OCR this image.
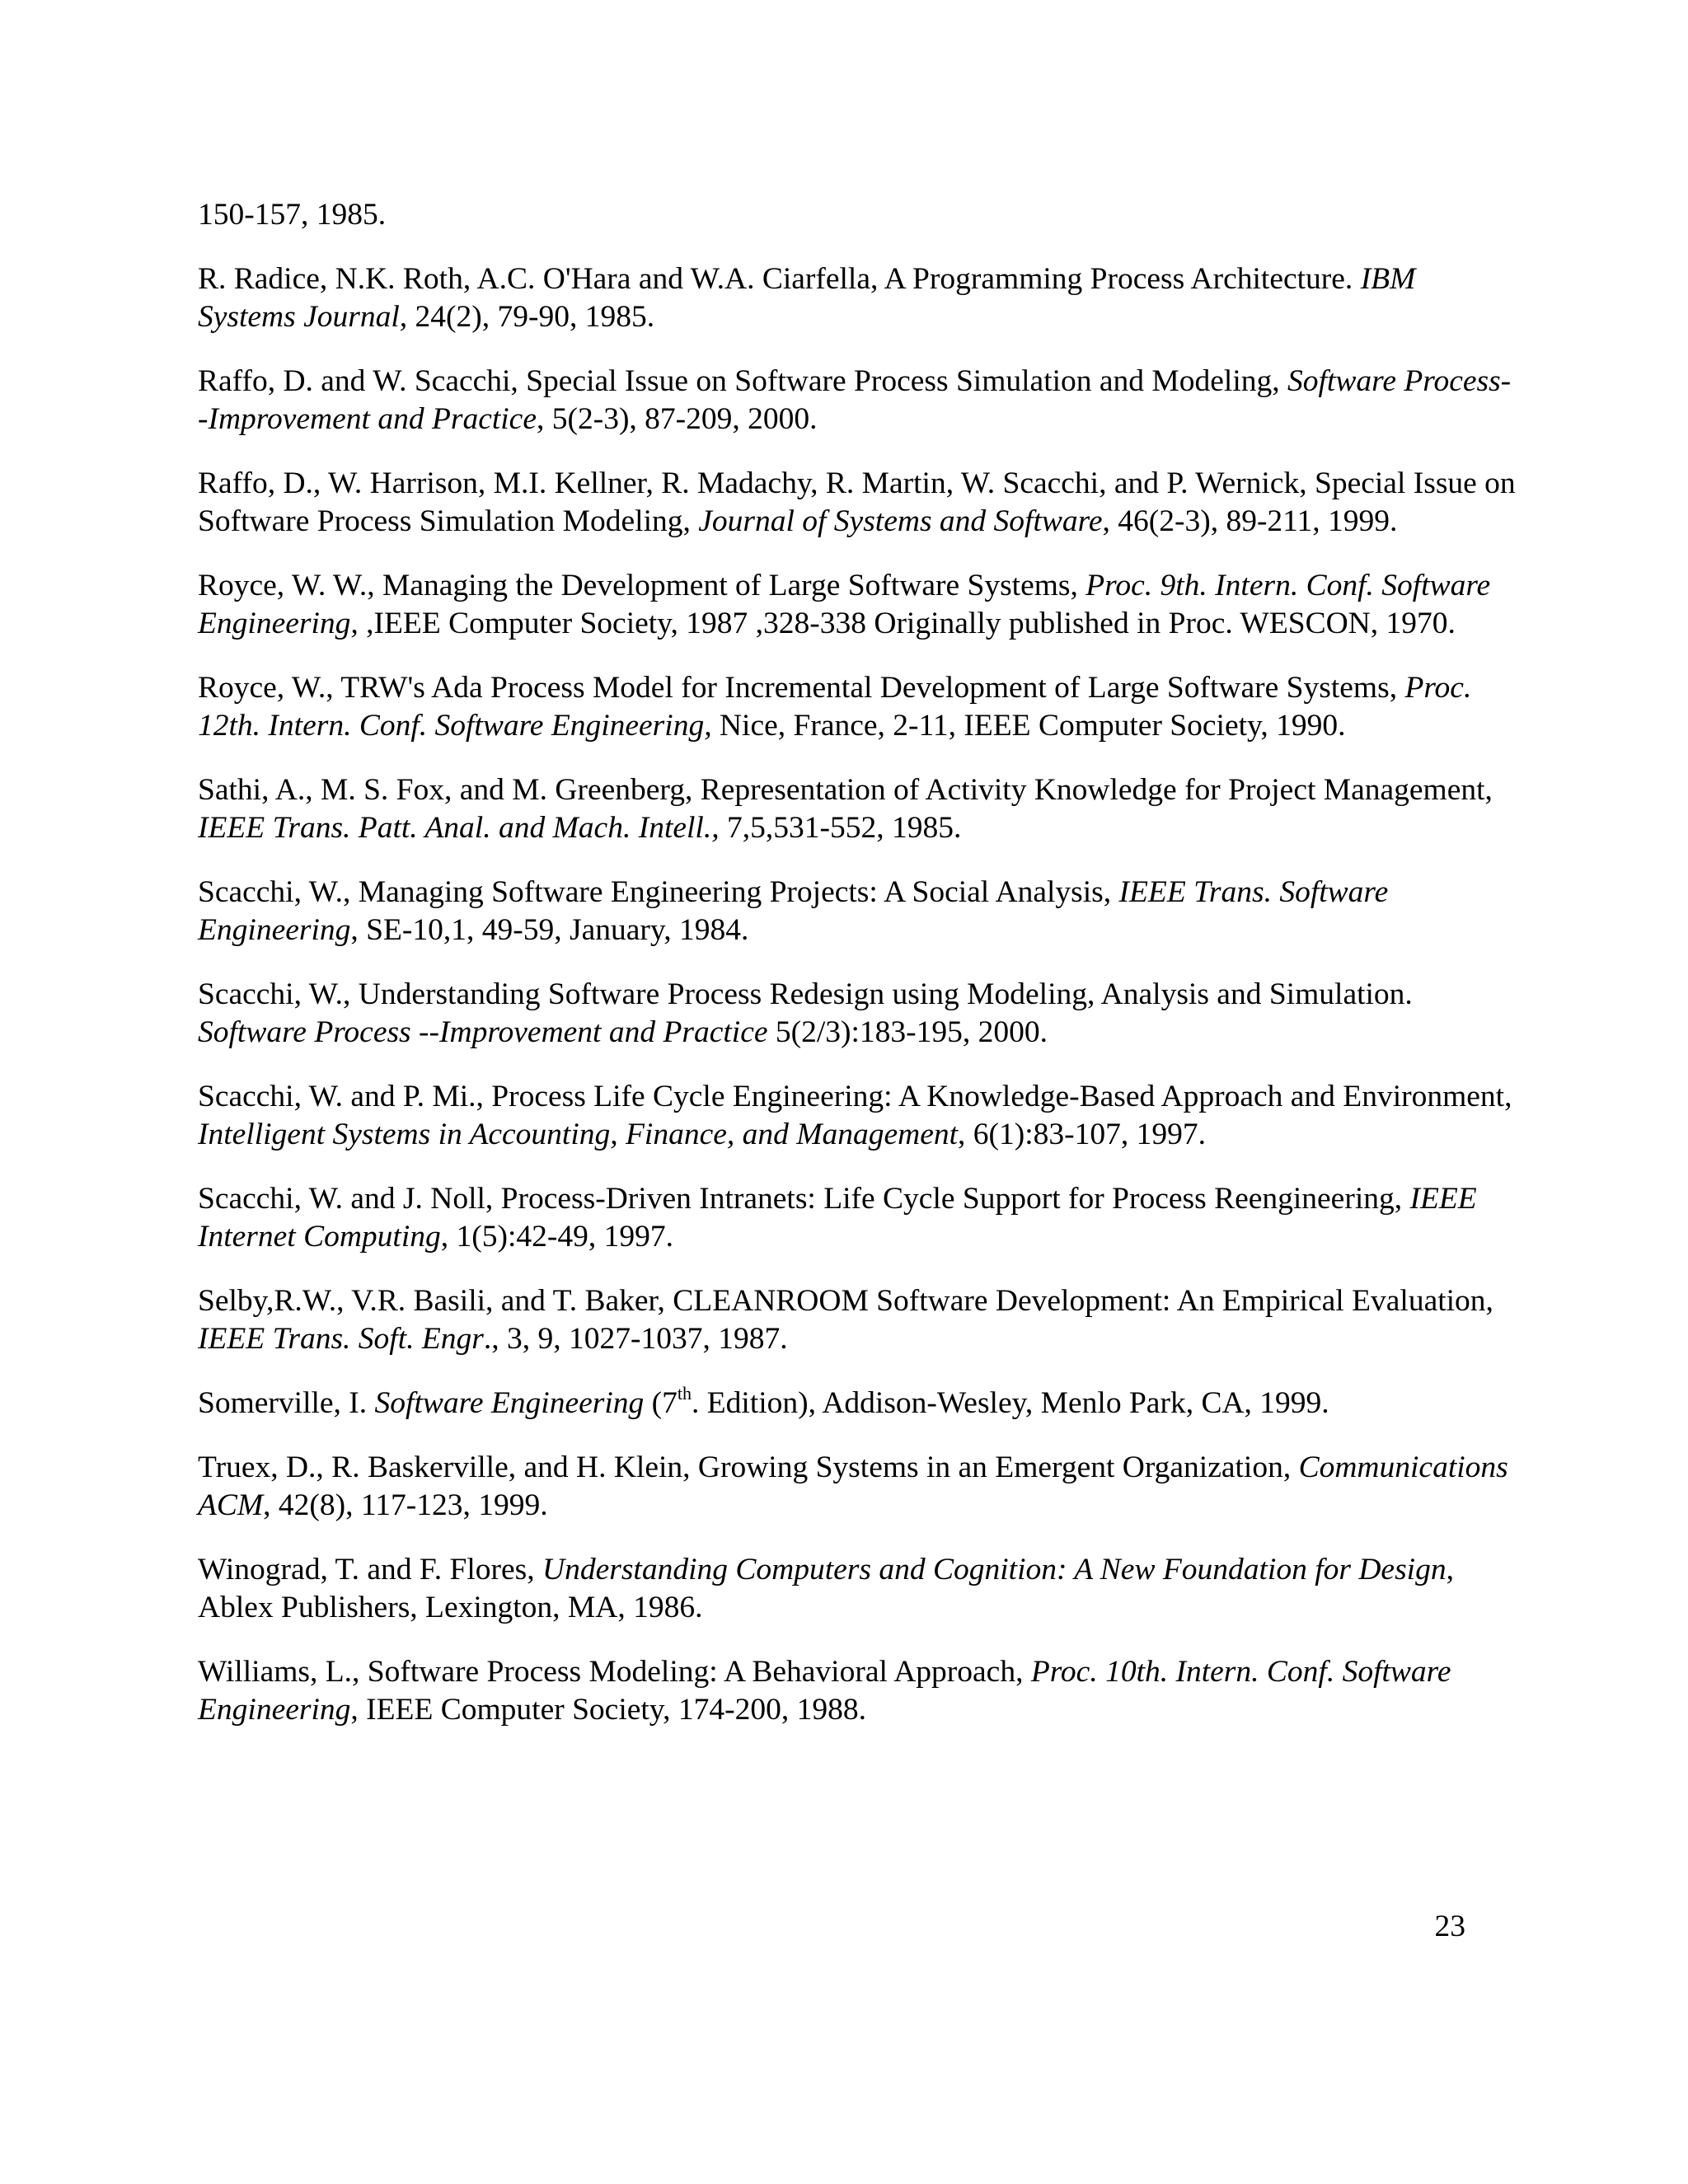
150-157, 1985.

R. Radice, N.K. Roth, A.C. O'Hara and W.A. Ciarfella, A Programming Process Architecture. IBM Systems Journal, 24(2), 79-90, 1985.

Raffo, D. and W. Scacchi, Special Issue on Software Process Simulation and Modeling, Software Process--Improvement and Practice, 5(2-3), 87-209, 2000.

Raffo, D., W. Harrison, M.I. Kellner, R. Madachy, R. Martin, W. Scacchi, and P. Wernick, Special Issue on Software Process Simulation Modeling, Journal of Systems and Software, 46(2-3), 89-211, 1999.

Royce, W. W., Managing the Development of Large Software Systems, Proc. 9th. Intern. Conf. Software Engineering, ,IEEE Computer Society, 1987 ,328-338 Originally published in Proc. WESCON, 1970.

Royce, W., TRW's Ada Process Model for Incremental Development of Large Software Systems, Proc. 12th. Intern. Conf. Software Engineering, Nice, France, 2-11, IEEE Computer Society, 1990.

Sathi, A., M. S. Fox, and M. Greenberg, Representation of Activity Knowledge for Project Management, IEEE Trans. Patt. Anal. and Mach. Intell., 7,5,531-552, 1985.

Scacchi, W., Managing Software Engineering Projects: A Social Analysis, IEEE Trans. Software Engineering, SE-10,1, 49-59, January, 1984.

Scacchi, W., Understanding Software Process Redesign using Modeling, Analysis and Simulation. Software Process --Improvement and Practice 5(2/3):183-195, 2000.

Scacchi, W. and P. Mi., Process Life Cycle Engineering: A Knowledge-Based Approach and Environment, Intelligent Systems in Accounting, Finance, and Management, 6(1):83-107, 1997.

Scacchi, W. and J. Noll, Process-Driven Intranets: Life Cycle Support for Process Reengineering, IEEE Internet Computing, 1(5):42-49, 1997.

Selby,R.W., V.R. Basili, and T. Baker, CLEANROOM Software Development: An Empirical Evaluation, IEEE Trans. Soft. Engr., 3, 9, 1027-1037, 1987.

Somerville, I. Software Engineering (7th. Edition), Addison-Wesley, Menlo Park, CA, 1999.

Truex, D., R. Baskerville, and H. Klein, Growing Systems in an Emergent Organization, Communications ACM, 42(8), 117-123, 1999.

Winograd, T. and F. Flores, Understanding Computers and Cognition: A New Foundation for Design, Ablex Publishers, Lexington, MA, 1986.

Williams, L., Software Process Modeling: A Behavioral Approach, Proc. 10th. Intern. Conf. Software Engineering, IEEE Computer Society, 174-200, 1988.

23
